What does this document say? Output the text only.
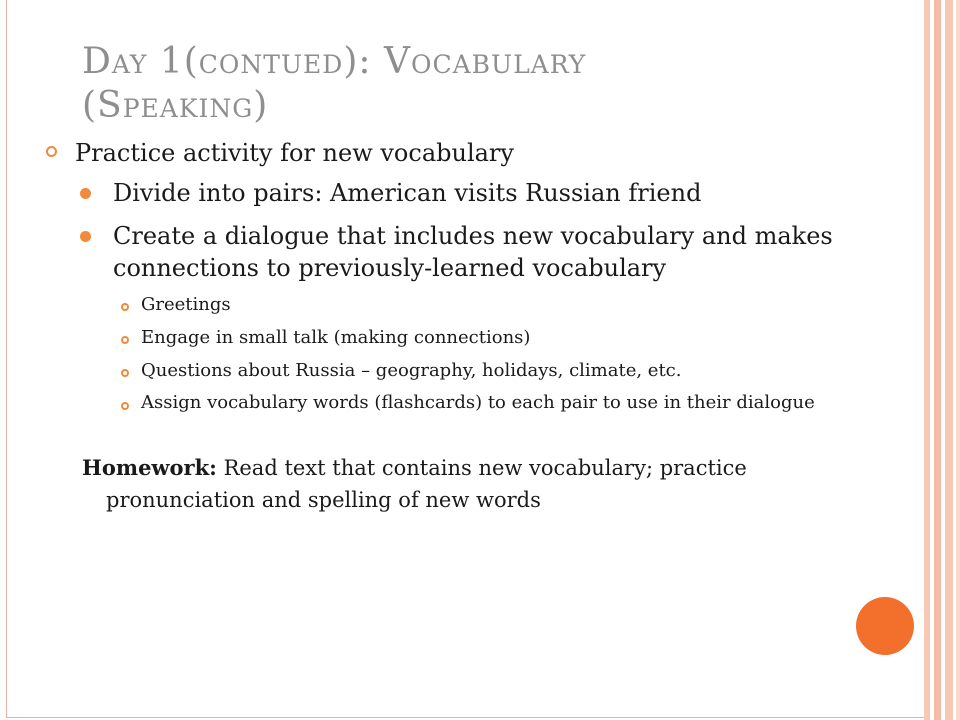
Day 1(contued): Vocabulary
(Speaking)
Practice activity for new vocabulary
Divide into pairs: American visits Russian friend
Create a dialogue that includes new vocabulary and makes connections to previously-learned vocabulary
Greetings
Engage in small talk (making connections)
Questions about Russia – geography, holidays, climate, etc.
Assign vocabulary words (flashcards) to each pair to use in their dialogue
Homework: Read text that contains new vocabulary; practice
pronunciation and spelling of new words
